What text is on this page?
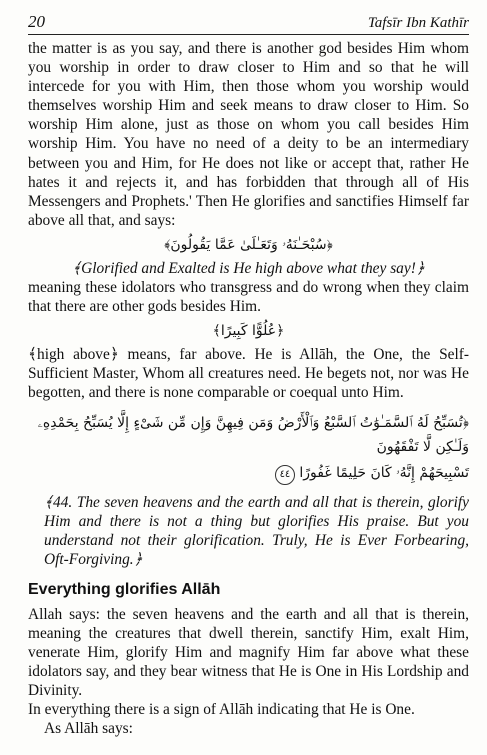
20	Tafsīr Ibn Kathīr

the matter is as you say, and there is another god besides Him whom you worship in order to draw closer to Him and so that he will intercede for you with Him, then those whom you worship would themselves worship Him and seek means to draw closer to Him. So worship Him alone, just as those on whom you call besides Him worship Him. You have no need of a deity to be an intermediary between you and Him, for He does not like or accept that, rather He hates it and rejects it, and has forbidden that through all of His Messengers and Prophets.' Then He glorifies and sanctifies Himself far above all that, and says:

﴿سُبْحَـٰنَهُۥ وَتَعَـٰلَىٰ عَمَّا يَقُولُونَ﴾

﴾Glorified and Exalted is He high above what they say!﴿

meaning these idolators who transgress and do wrong when they claim that there are other gods besides Him.

﴿عُلُوًّا كَبِيرًا﴾

﴾high above﴿ means, far above. He is Allāh, the One, the Self-Sufficient Master, Whom all creatures need. He begets not, nor was He begotten, and there is none comparable or coequal unto Him.

﴿تُسَبِّحُ لَهُ ٱلسَّمَـٰوَٰتُ ٱلسَّبْعُ وَٱلْأَرْضُ وَمَن فِيهِنَّ وَإِن مِّن شَىْءٍ إِلَّا يُسَبِّحُ بِحَمْدِهِۦ وَلَـٰكِن لَّا تَفْقَهُونَ
تَسْبِيحَهُمْ إِنَّهُۥ كَانَ حَلِيمًا غَفُورًا ٤٤

﴾44. The seven heavens and the earth and all that is therein, glorify Him and there is not a thing but glorifies His praise. But you understand not their glorification. Truly, He is Ever Forbearing, Oft-Forgiving.﴿

Everything glorifies Allāh

Allah says: the seven heavens and the earth and all that is therein, meaning the creatures that dwell therein, sanctify Him, exalt Him, venerate Him, glorify Him and magnify Him far above what these idolators say, and they bear witness that He is One in His Lordship and Divinity.

In everything there is a sign of Allāh indicating that He is One.

As Allāh says:
